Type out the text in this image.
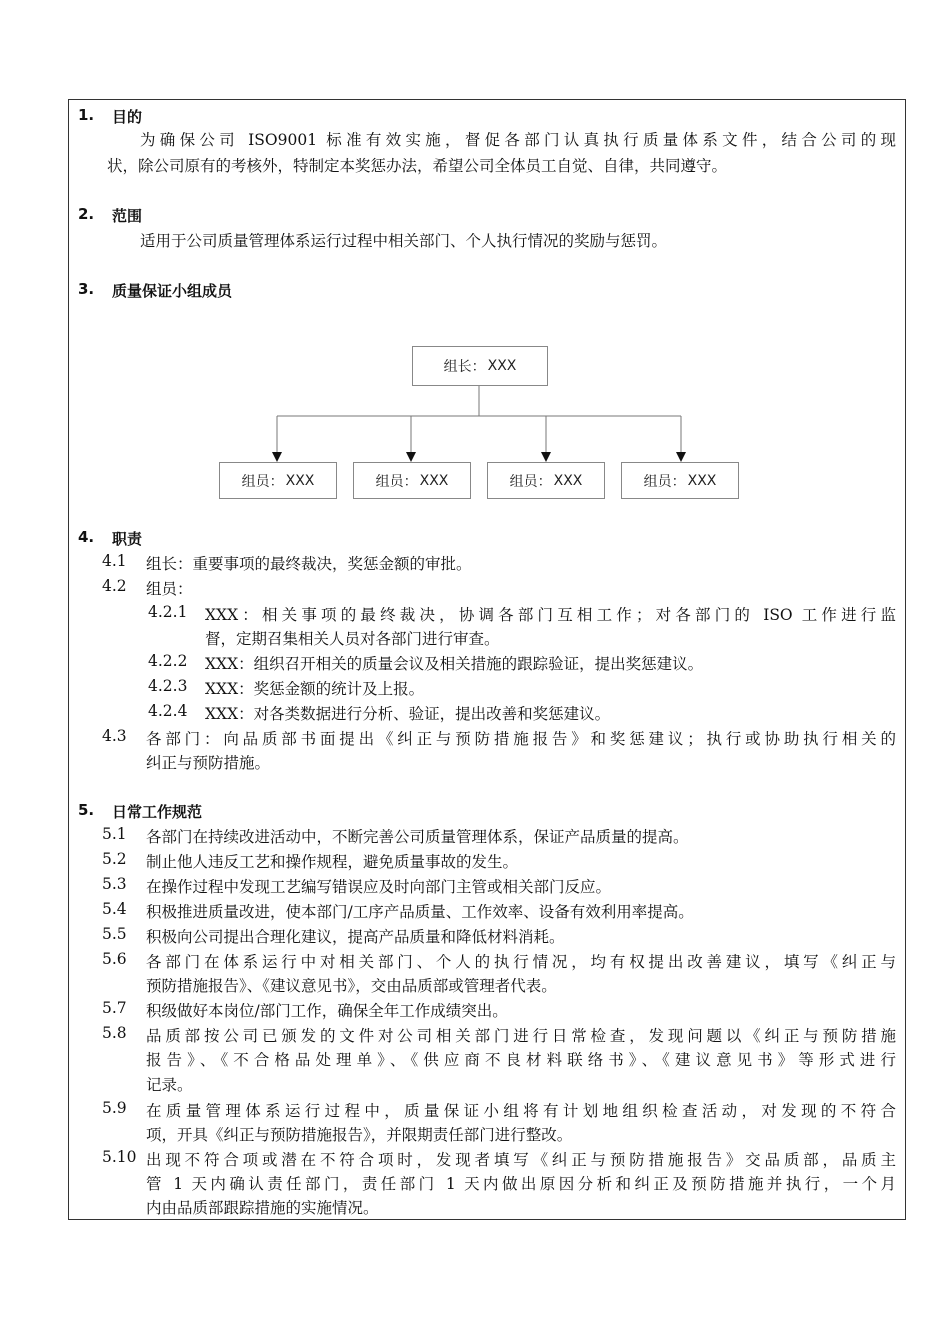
1. 目的
为确保公司 ISO9001 标准有效实施，督促各部门认真执行质量体系文件，结合公司的现
状，除公司原有的考核外，特制定本奖惩办法，希望公司全体员工自觉、自律，共同遵守。
2. 范围
适用于公司质量管理体系运行过程中相关部门、个人执行情况的奖励与惩罚。
3. 质量保证小组成员
组长： XXX
组员： XXX	组员： XXX	组员： XXX	组员： XXX
4. 职责
4.1 组长：重要事项的最终裁决，奖惩金额的审批。
4.2 组员：
4.2.1 XXX：相关事项的最终裁决，协调各部门互相工作；对各部门的 ISO 工作进行监
督，定期召集相关人员对各部门进行审查。
4.2.2 XXX：组织召开相关的质量会议及相关措施的跟踪验证，提出奖惩建议。
4.2.3 XXX：奖惩金额的统计及上报。
4.2.4 XXX：对各类数据进行分析、验证，提出改善和奖惩建议。
4.3 各部门：向品质部书面提出《纠正与预防措施报告》和奖惩建议；执行或协助执行相关的
纠正与预防措施。
5. 日常工作规范
5.1 各部门在持续改进活动中，不断完善公司质量管理体系，保证产品质量的提高。
5.2 制止他人违反工艺和操作规程，避免质量事故的发生。
5.3 在操作过程中发现工艺编写错误应及时向部门主管或相关部门反应。
5.4 积极推进质量改进，使本部门/工序产品质量、工作效率、设备有效利用率提高。
5.5 积极向公司提出合理化建议，提高产品质量和降低材料消耗。
5.6 各部门在体系运行中对相关部门、个人的执行情况，均有权提出改善建议，填写《纠正与
预防措施报告》、《建议意见书》，交由品质部或管理者代表。
5.7 积级做好本岗位/部门工作，确保全年工作成绩突出。
5.8 品质部按公司已颁发的文件对公司相关部门进行日常检查，发现问题以《纠正与预防措施
报告》、《不合格品处理单》、《供应商不良材料联络书》、《建议意见书》等形式进行
记录。
5.9 在质量管理体系运行过程中，质量保证小组将有计划地组织检查活动，对发现的不符合
项，开具《纠正与预防措施报告》，并限期责任部门进行整改。
5.10 出现不符合项或潜在不符合项时，发现者填写《纠正与预防措施报告》交品质部，品质主
管 1 天内确认责任部门，责任部门 1 天内做出原因分析和纠正及预防措施并执行，一个月
内由品质部跟踪措施的实施情况。
